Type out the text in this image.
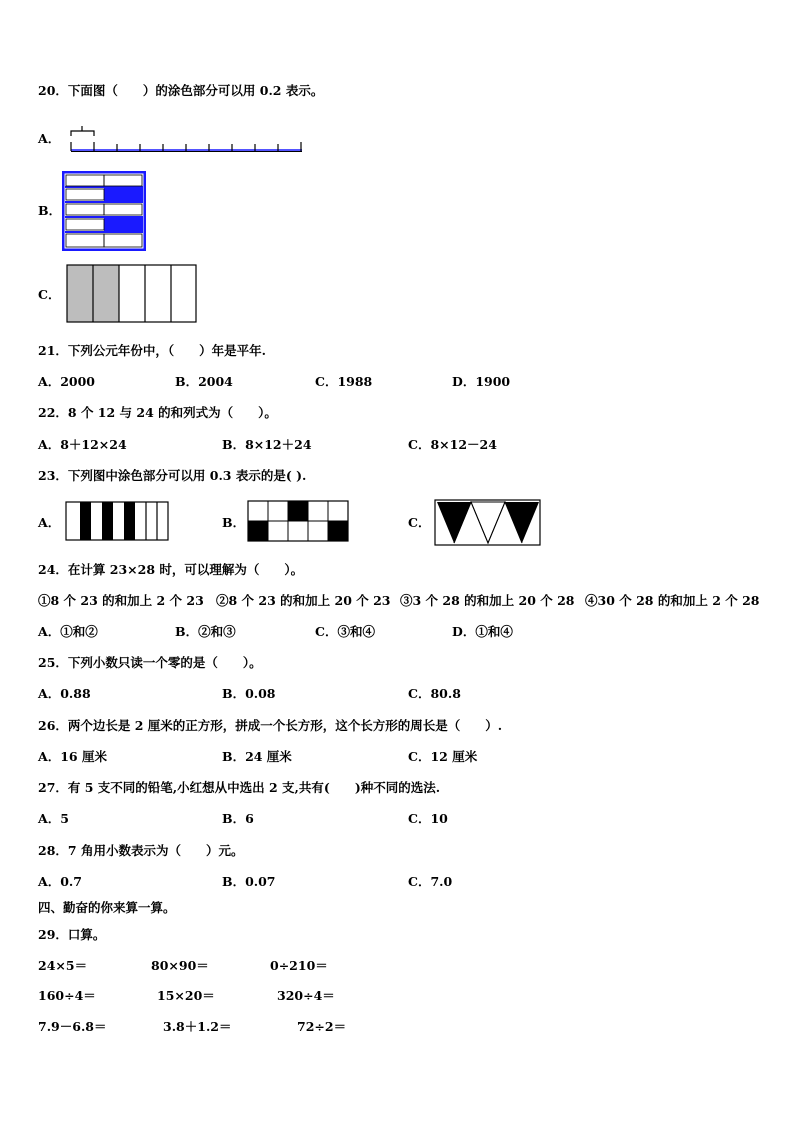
20．下面图（　　）的涂色部分可以用 0.2 表示。
A．
B．
C．
21．下列公元年份中，（　　）年是平年.
A．2000	B．2004	C．1988	D．1900
22．8 个 12 与 24 的和列式为（　　）。
A．8＋12×24	B．8×12＋24	C．8×12－24
23．下列图中涂色部分可以用 0.3 表示的是( ).
A．	B．	C．
24．在计算 23×28 时，可以理解为（　　）。
①8 个 23 的和加上 2 个 23 ②8 个 23 的和加上 20 个 23 ③3 个 28 的和加上 20 个 28 ④30 个 28 的和加上 2 个 28
A．①和②	B．②和③	C．③和④	D．①和④
25．下列小数只读一个零的是（　　）。
A．0.88	B．0.08	C．80.8
26．两个边长是 2 厘米的正方形，拼成一个长方形，这个长方形的周长是（　　）.
A．16 厘米	B．24 厘米	C．12 厘米
27．有 5 支不同的铅笔,小红想从中选出 2 支,共有(　　)种不同的选法.
A．5	B．6	C．10
28．7 角用小数表示为（　　）元。
A．0.7	B．0.07	C．7.0
四、勤奋的你来算一算。
29．口算。
24×5＝	80×90＝	0÷210＝
160÷4＝	15×20＝	320÷4＝
7.9－6.8＝	3.8＋1.2＝	72÷2＝
